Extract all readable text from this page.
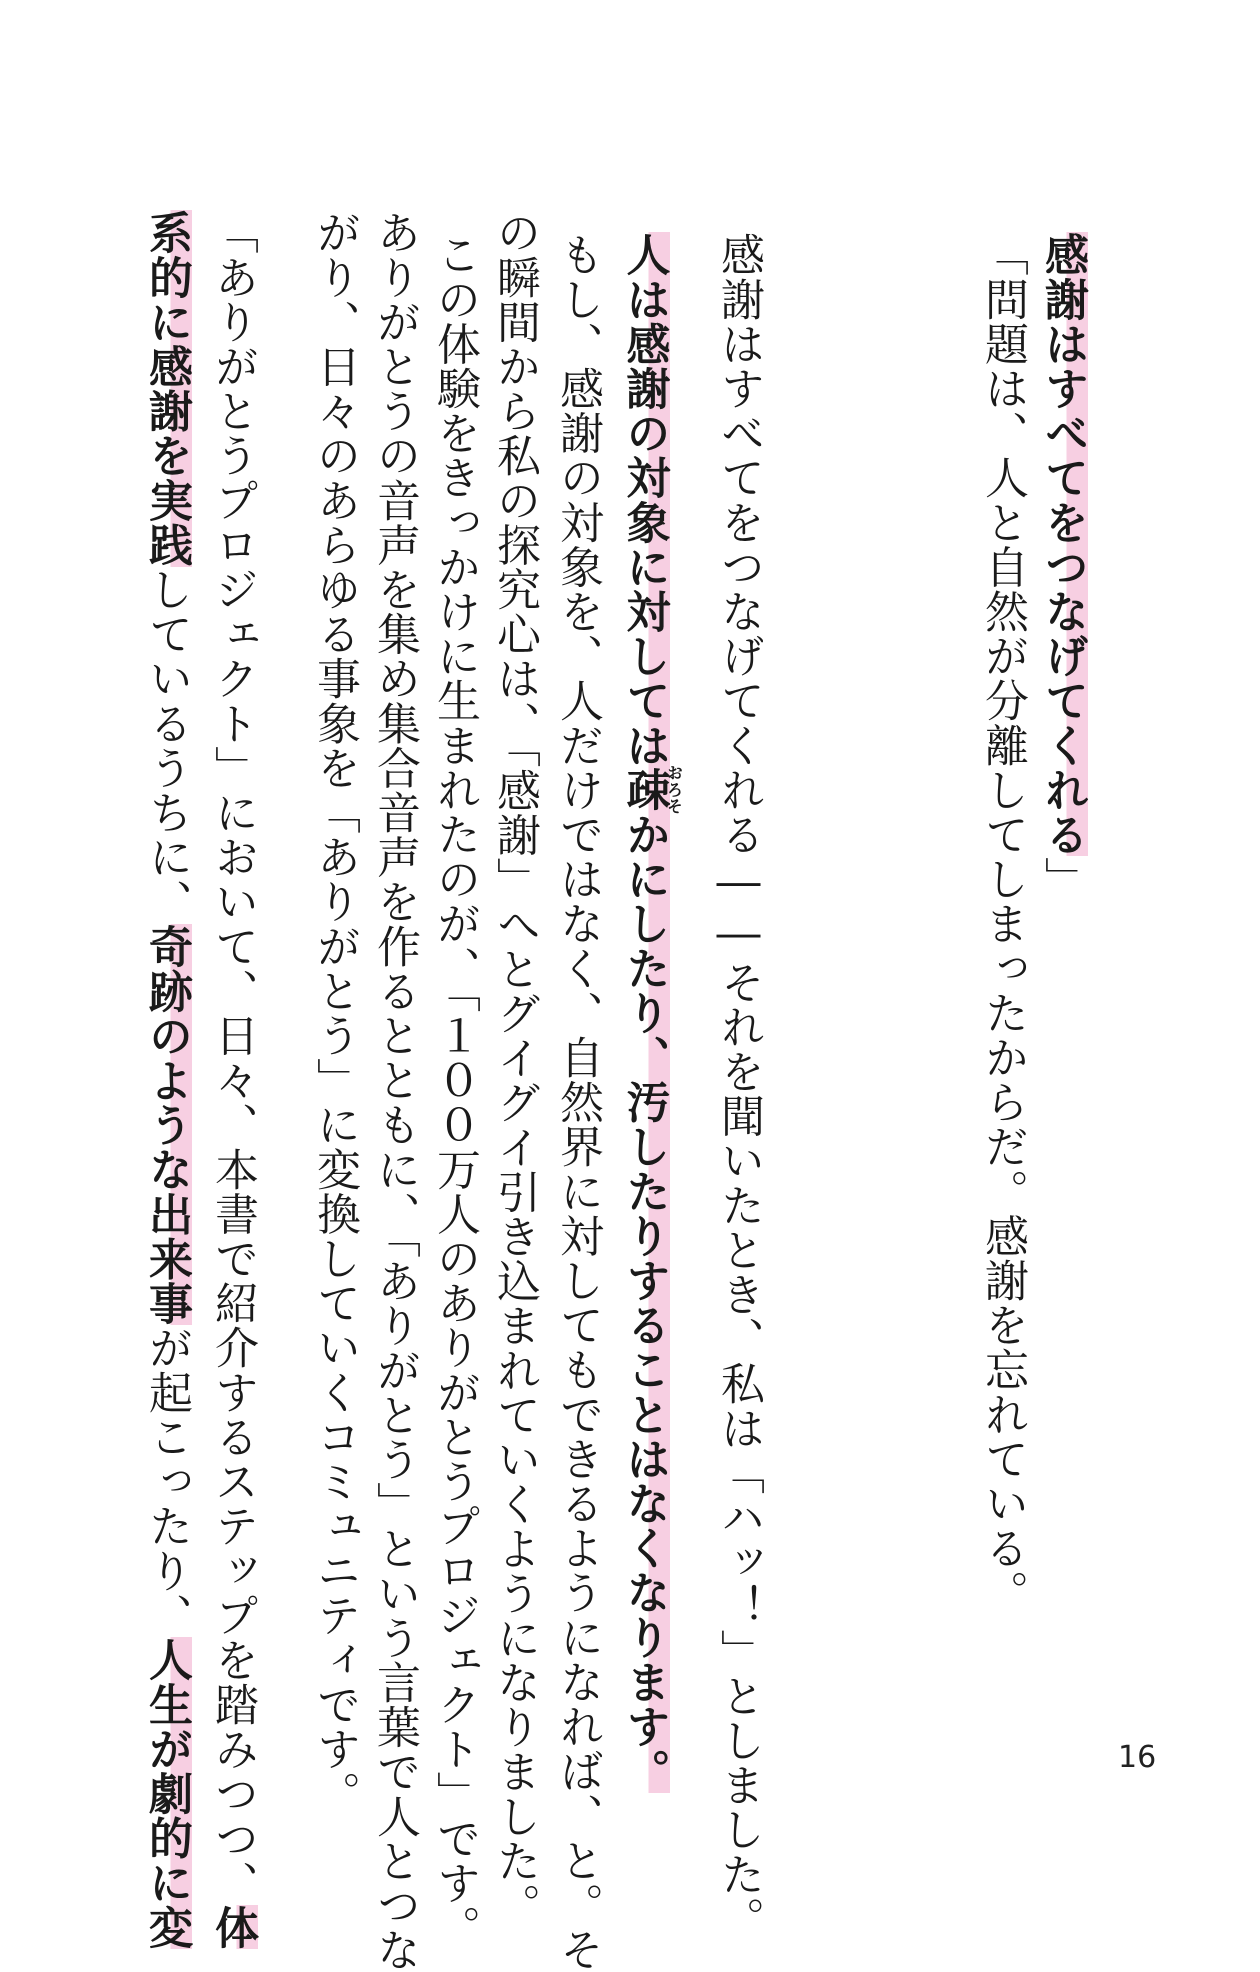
「問題は、人と自然が分離してしまったからだ。感謝を忘れている。 感謝はすべてをつなげてくれる」
感謝はすべてをつなげてくれる――それを聞いたとき、私は「ハッ！」としました。
人は感謝の対象に対しては疎おろそかにしたり、汚したりすることはなくなります。
もし、感謝の対象を、人だけではなく、自然界に対してもできるようになれば、と。そ
の瞬間から私の探究心は、「感謝」へとグイグイ引き込まれていくようになりました。
この体験をきっかけに生まれたのが、「１００万人のありがとうプロジェクト」です。
ありがとうの音声を集め集合音声を作るとともに、「ありがとう」という言葉で人とつな
がり、日々のあらゆる事象を「ありがとう」に変換していくコミュニティです。
「ありがとうプロジェクト」において、日々、本書で紹介するステップを踏みつつ、体
系的に感謝を実践しているうちに、奇跡のような出来事が起こったり、人生が劇的に変	16
